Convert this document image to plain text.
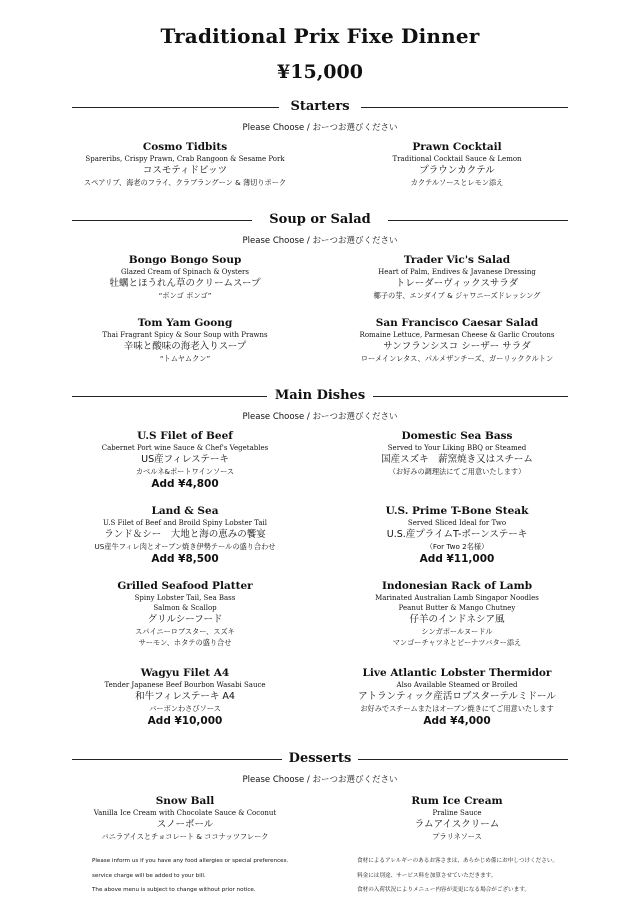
Traditional Prix Fixe Dinner
¥15,000
Starters
Please Choose / おーつお選びください
Cosmo Tidbits
Spareribs, Crispy Prawn, Crab Rangoon & Sesame Pork
コスモティドビッツ
スペアリブ、海老のフライ、クラブラングーン & 薄切りポーク
Prawn Cocktail
Traditional Cocktail Sauce & Lemon
プラウンカクテル
カクテルソースとレモン添え
Soup or Salad
Please Choose / おーつお選びください
Bongo Bongo Soup
Glazed Cream of Spinach & Oysters
牡蠣とほうれん草のクリームスープ
“ボンゴ ボンゴ”
Trader Vic's Salad
Heart of Palm, Endives & Javanese Dressing
トレーダーヴィックスサラダ
椰子の芽、エンダイブ & ジャワニーズドレッシング
Tom Yam Goong
Thai Fragrant Spicy & Sour Soup with Prawns
辛味と酸味の海老入りスープ
“トムヤムクン”
San Francisco Caesar Salad
Romaine Lettuce, Parmesan Cheese & Garlic Croutons
サンフランシスコ シーザー サラダ
ローメインレタス、パルメザンチーズ、ガーリッククルトン
Main Dishes
Please Choose / おーつお選びください
U.S Filet of Beef
Cabernet Port wine Sauce & Chef's Vegetables
US産フィレステーキ
カベルネ&ポートワインソース
Add ¥4,800
Domestic Sea Bass
Served to Your Liking BBQ or Steamed
国産スズキ　薪窯焼き又はスチーム
（お好みの調理法にてご用意いたします）
Land & Sea
U.S Filet of Beef and Broild Spiny Lobster Tail
ランド＆シー　大地と海の恵みの饗宴
US産牛フィレ肉とオーブン焼き伊勢テールの盛り合わせ
Add ¥8,500
U.S. Prime T-Bone Steak
Served Sliced Ideal for Two
U.S.産プライムT-ボーンステーキ
（For Two 2名様）
Add ¥11,000
Grilled Seafood Platter
Spiny Lobster Tail, Sea Bass
Salmon & Scallop
グリルシーフード
スパイニーロブスター、スズキ
サーモン、ホタテの盛り合せ
Indonesian Rack of Lamb
Marinated Australian Lamb Singapor Noodles
Peanut Butter & Mango Chutney
仔羊のインドネシア風
シンガポールヌードル
マンゴーチャツネとピーナツバター添え
Wagyu Filet A4
Tender Japanese Beef Bourbon Wasabi Sauce
和牛フィレステーキ A4
バーボンわさびソース
Add ¥10,000
Live Atlantic Lobster Thermidor
Also Available Steamed or Broiled
アトランティック産活ロブスターテルミドール
お好みでスチームまたはオーブン焼きにてご用意いたします
Add ¥4,000
Desserts
Please Choose / おーつお選びください
Snow Ball
Vanilla Ice Cream with Chocolate Sauce & Coconut
スノーボール
バニラアイスとチョコレート & ココナッツフレーク
Rum Ice Cream
Praline Sauce
ラムアイスクリーム
プラリネソース
Please inform us if you have any food allergies or special preferences.
service charge will be added to your bill.
The above menu is subject to change without prior notice.
食材によるアレルギーのあるお客さまは、あらかじめ係にお申しつけください。
料金には別途、サービス料を加算させていただきます。
食材の入荷状況によりメニュー内容が変更になる場合がございます。
